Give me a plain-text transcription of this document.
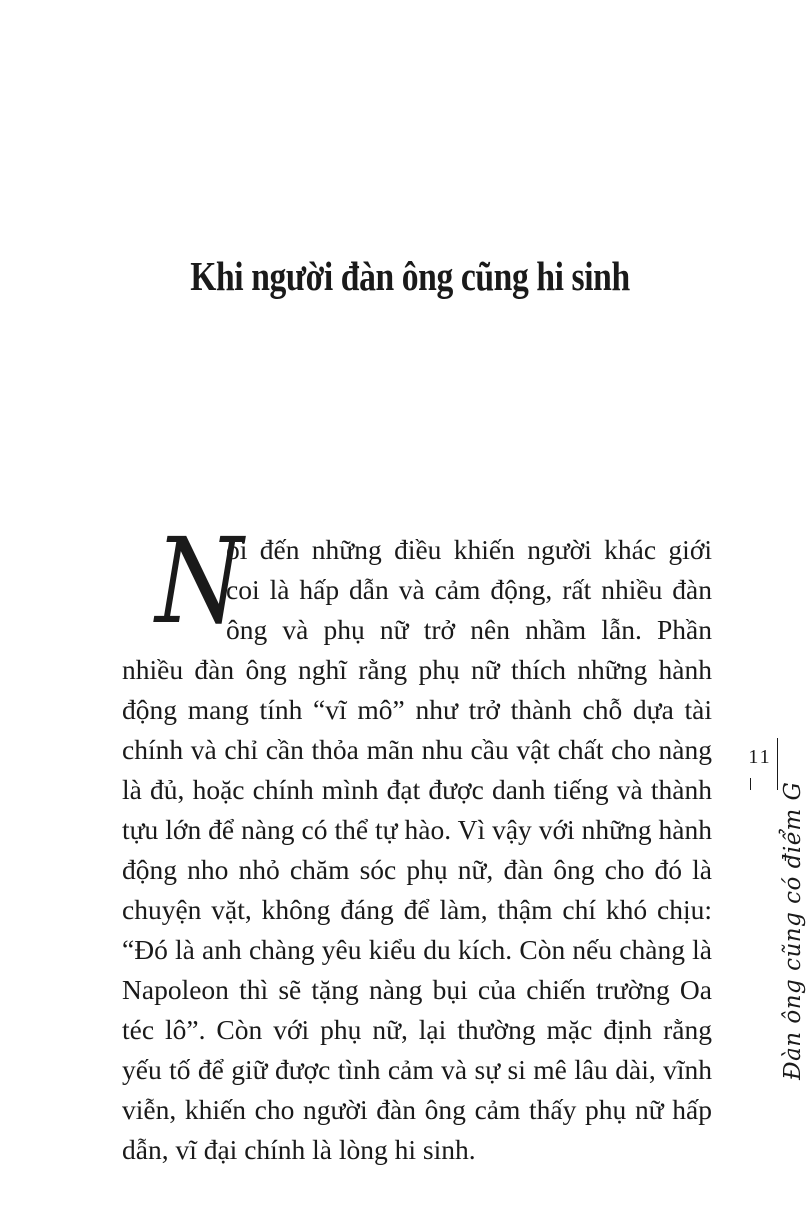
Khi người đàn ông cũng hi sinh

N
ói đến những điều khiến người khác giới coi là hấp dẫn và cảm động, rất nhiều đàn ông và phụ nữ trở nên nhầm lẫn. Phần nhiều đàn ông nghĩ rằng phụ nữ thích những hành động mang tính “vĩ mô” như trở thành chỗ dựa tài chính và chỉ cần thỏa mãn nhu cầu vật chất cho nàng là đủ, hoặc chính mình đạt được danh tiếng và thành tựu lớn để nàng có thể tự hào. Vì vậy với những hành động nho nhỏ chăm sóc phụ nữ, đàn ông cho đó là chuyện vặt, không đáng để làm, thậm chí khó chịu: “Đó là anh chàng yêu kiểu du kích. Còn nếu chàng là Napoleon thì sẽ tặng nàng bụi của chiến trường Oa téc lô”. Còn với phụ nữ, lại thường mặc định rằng yếu tố để giữ được tình cảm và sự si mê lâu dài, vĩnh viễn, khiến cho người đàn ông cảm thấy phụ nữ hấp dẫn, vĩ đại chính là lòng hi sinh.

11
Đàn ông cũng có điểm G
